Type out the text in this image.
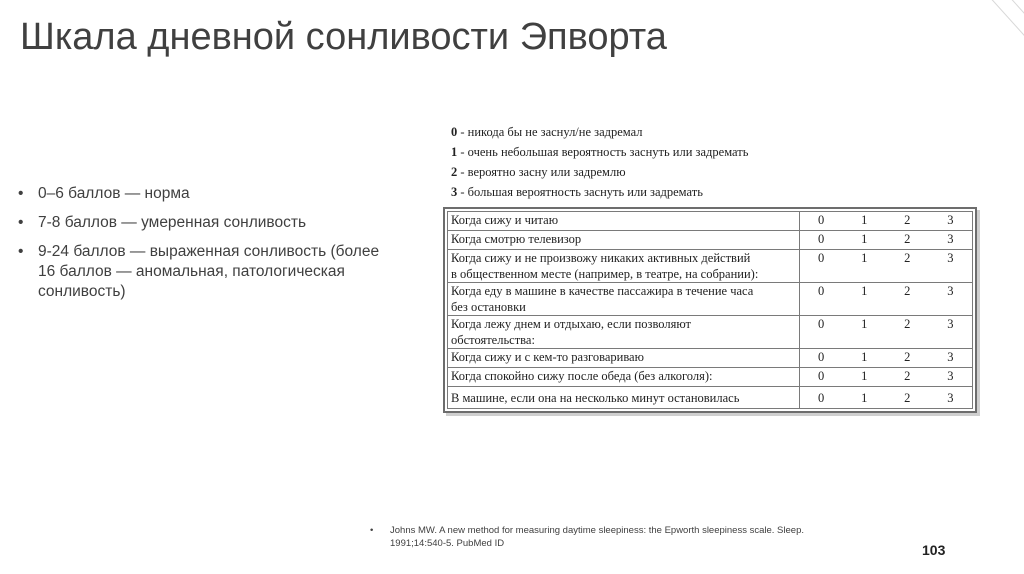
Шкала дневной сонливости Эпворта
• 0–6 баллов — норма
• 7-8 баллов — умеренная сонливость
• 9-24 баллов — выраженная сонливость (более
16 баллов — аномальная, патологическая
сонливость)
0 - никода бы не заснул/не задремал
1 - очень небольшая вероятность заснуть или задремать
2 - вероятно засну или задремлю
3 - большая вероятность заснуть или задремать
Когда сижу и читаю	0	1	2	3
Когда смотрю телевизор	0	1	2	3
Когда сижу и не произвожу никаких активных действий
в общественном месте (например, в театре, на собрании):	0	1	2	3
Когда еду в машине в качестве пассажира в течение часа
без остановки	0	1	2	3
Когда лежу днем и отдыхаю, если позволяют
обстоятельства:	0	1	2	3
Когда сижу и с кем-то разговариваю	0	1	2	3
Когда спокойно сижу после обеда (без алкоголя):	0	1	2	3
В машине, если она на несколько минут остановилась	0	1	2	3
• Johns MW. A new method for measuring daytime sleepiness: the Epworth sleepiness scale. Sleep.
1991;14:540-5. PubMed ID	103
